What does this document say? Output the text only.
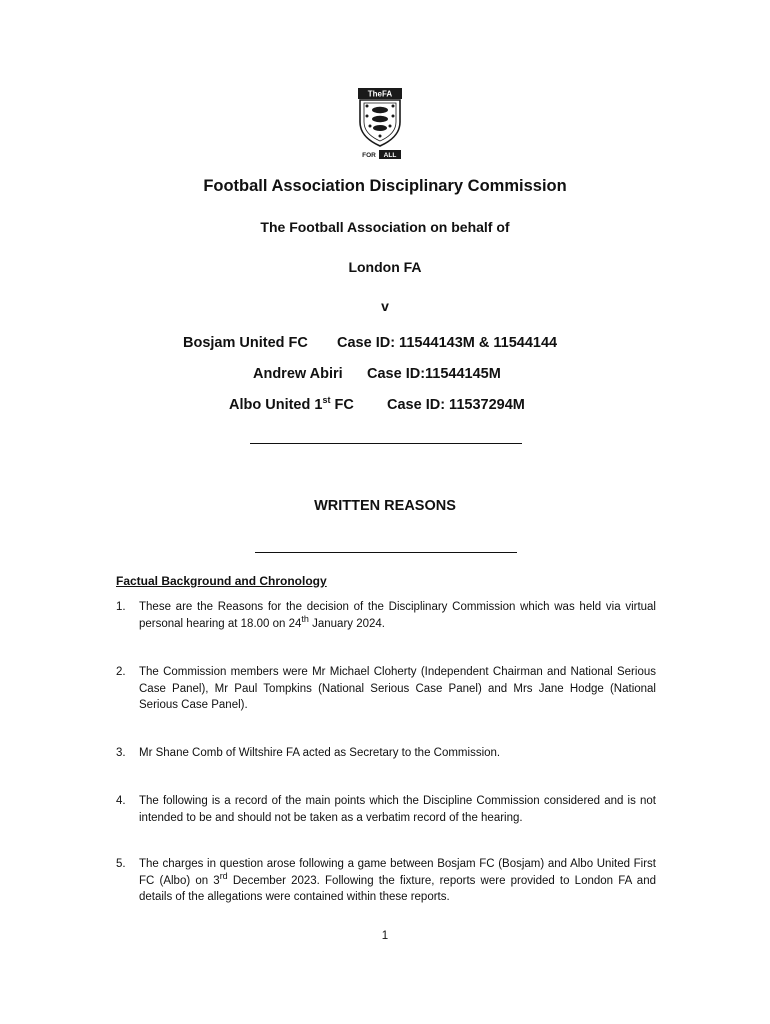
TheFA
FOR ALL
Football Association Disciplinary Commission
The Football Association on behalf of
London FA
v
Bosjam United FC Case ID: 11544143M & 11544144
Andrew Abiri Case ID:11544145M
Albo United 1st FC Case ID: 11537294M
WRITTEN REASONS
Factual Background and Chronology
1. These are the Reasons for the decision of the Disciplinary Commission which was held via virtual personal hearing at 18.00 on 24th January 2024.
2. The Commission members were Mr Michael Cloherty (Independent Chairman and National Serious Case Panel), Mr Paul Tompkins (National Serious Case Panel) and Mrs Jane Hodge (National Serious Case Panel).
3. Mr Shane Comb of Wiltshire FA acted as Secretary to the Commission.
4. The following is a record of the main points which the Discipline Commission considered and is not intended to be and should not be taken as a verbatim record of the hearing.
5. The charges in question arose following a game between Bosjam FC (Bosjam) and Albo United First FC (Albo) on 3rd December 2023. Following the fixture, reports were provided to London FA and details of the allegations were contained within these reports.
1
